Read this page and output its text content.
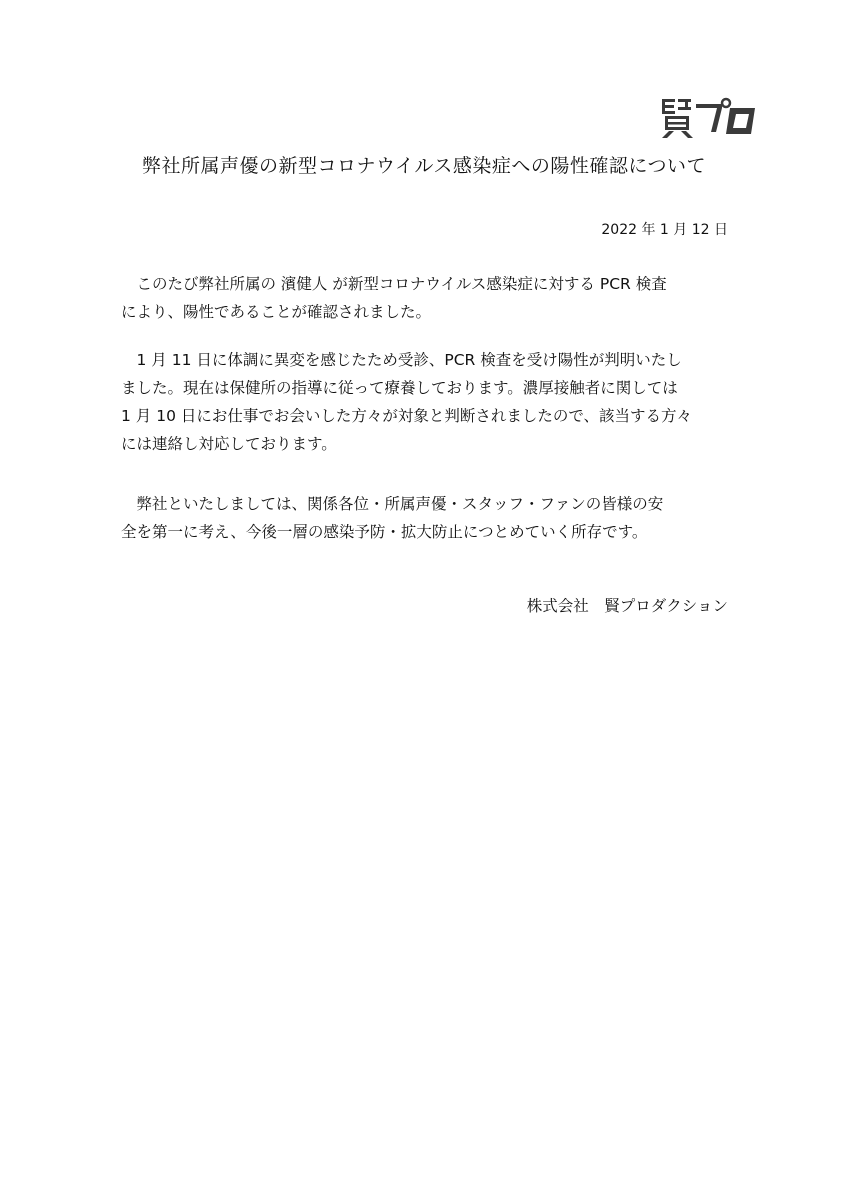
弊社所属声優の新型コロナウイルス感染症への陽性確認について
2022 年 1 月 12 日

　このたび弊社所属の 濱健人 が新型コロナウイルス感染症に対する PCR 検査
により、陽性であることが確認されました。

　1 月 11 日に体調に異変を感じたため受診、PCR 検査を受け陽性が判明いたし
ました。現在は保健所の指導に従って療養しております。濃厚接触者に関しては
1 月 10 日にお仕事でお会いした方々が対象と判断されましたので、該当する方々
には連絡し対応しております。

　弊社といたしましては、関係各位・所属声優・スタッフ・ファンの皆様の安
全を第一に考え、今後一層の感染予防・拡大防止につとめていく所存です。

株式会社　賢プロダクション
